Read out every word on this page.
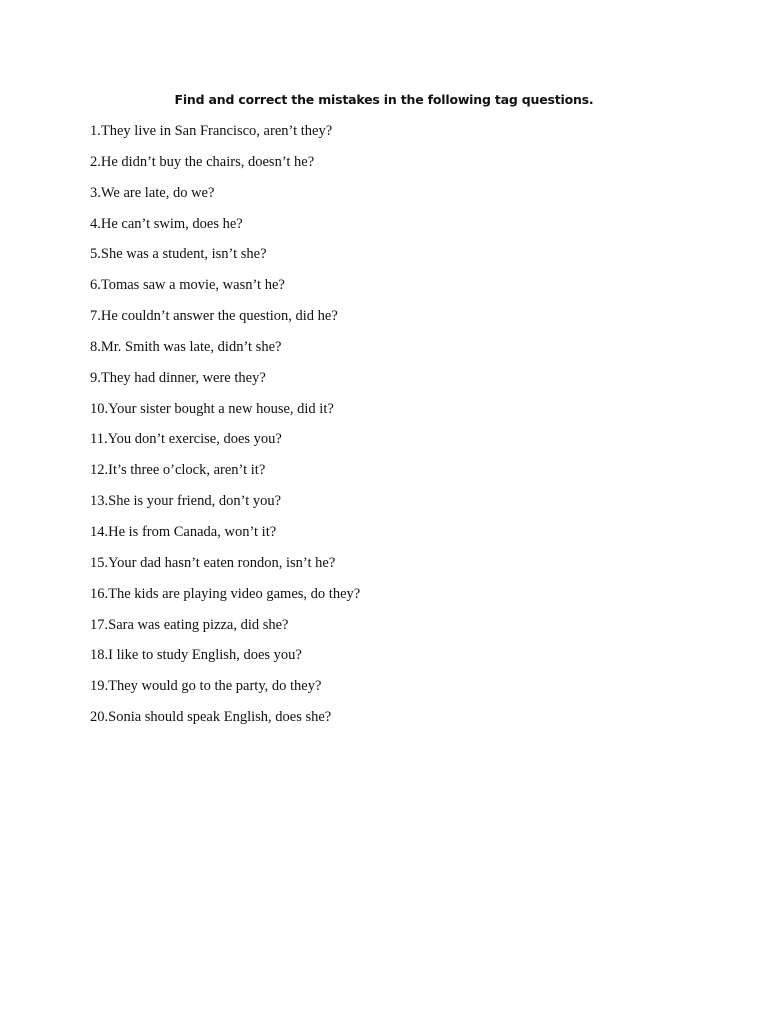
Find and correct the mistakes in the following tag questions.
1.They live in San Francisco, aren’t they?
2.He didn’t buy the chairs, doesn’t he?
3.We are late, do we?
4.He can’t swim, does he?
5.She was a student, isn’t she?
6.Tomas saw a movie, wasn’t he?
7.He couldn’t answer the question, did he?
8.Mr. Smith was late, didn’t she?
9.They had dinner, were they?
10.Your sister bought a new house, did it?
11.You don’t exercise, does you?
12.It’s three o’clock, aren’t it?
13.She is your friend, don’t you?
14.He is from Canada, won’t it?
15.Your dad hasn’t eaten rondon, isn’t he?
16.The kids are playing video games, do they?
17.Sara was eating pizza, did she?
18.I like to study English, does you?
19.They would go to the party, do they?
20.Sonia should speak English, does she?
